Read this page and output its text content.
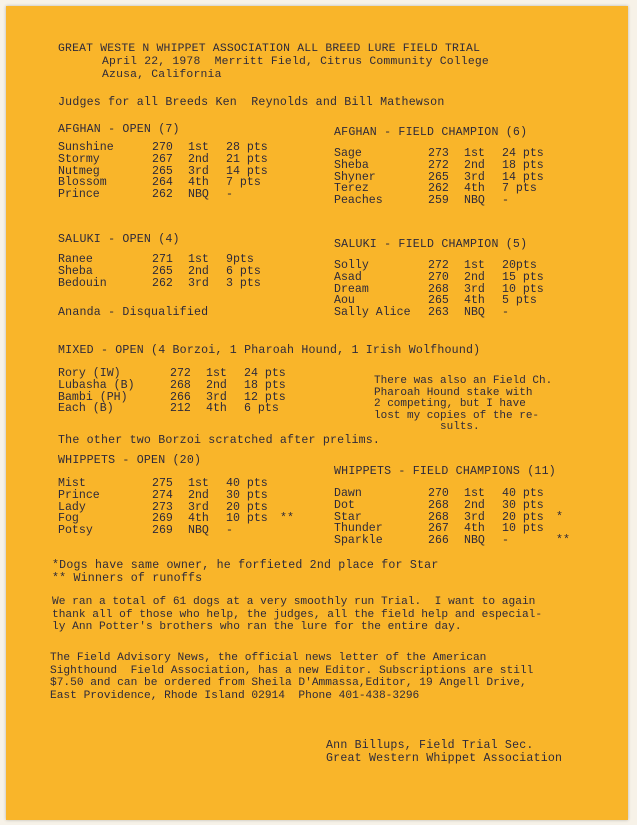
GREAT WESTE N WHIPPET ASSOCIATION ALL BREED LURE FIELD TRIAL
April 22, 1978  Merritt Field, Citrus Community College
Azusa, California
Judges for all Breeds Ken  Reynolds and Bill Mathewson
AFGHAN - OPEN (7)
Sunshine	270 1st 28 pts
Stormy	267 2nd 21 pts
Nutmeg	265 3rd 14 pts
Blossom	264 4th 7 pts
Prince	262 NBQ -
AFGHAN - FIELD CHAMPION (6)
Sage	273 1st 24 pts
Sheba	272 2nd 18 pts
Shyner	265 3rd 14 pts
Terez	262 4th 7 pts
Peaches	259 NBQ -
SALUKI - OPEN (4)
Ranee	271 1st 9pts
Sheba	265 2nd 6 pts
Bedouin	262 3rd 3 pts
Ananda - Disqualified
SALUKI - FIELD CHAMPION (5)
Solly	272 1st 20pts
Asad	270 2nd 15 pts
Dream	268 3rd 10 pts
Aou	265 4th 5 pts
Sally Alice 263 NBQ -
MIXED - OPEN (4 Borzoi, 1 Pharoah Hound, 1 Irish Wolfhound)
Rory (IW)	272 1st 24 pts
Lubasha (B)	268 2nd 18 pts
Bambi (PH)	266 3rd 12 pts
Each (B)	212 4th 6 pts
There was also an Field Ch.
Pharoah Hound stake with
2 competing, but I have
lost my copies of the re-
sults.
The other two Borzoi scratched after prelims.
WHIPPETS - OPEN (20)
Mist	275 1st 40 pts
Prince	274 2nd 30 pts
Lady	273 3rd 20 pts
Fog	269 4th 10 pts **
Potsy	269 NBQ -
WHIPPETS - FIELD CHAMPIONS (11)
Dawn	270 1st 40 pts
Dot	268 2nd 30 pts
Star	268 3rd 20 pts *
Thunder	267 4th 10 pts
Sparkle	266 NBQ -	**
*Dogs have same owner, he forfieted 2nd place for Star
** Winners of runoffs
We ran a total of 61 dogs at a very smoothly run Trial.  I want to again
thank all of those who help, the judges, all the field help and especial-
ly Ann Potter's brothers who ran the lure for the entire day.
The Field Advisory News, the official news letter of the American
Sighthound  Field Association, has a new Editor. Subscriptions are still
$7.50 and can be ordered from Sheila D'Ammassa,Editor, 19 Angell Drive,
East Providence, Rhode Island 02914  Phone 401-438-3296
Ann Billups, Field Trial Sec.
Great Western Whippet Association
